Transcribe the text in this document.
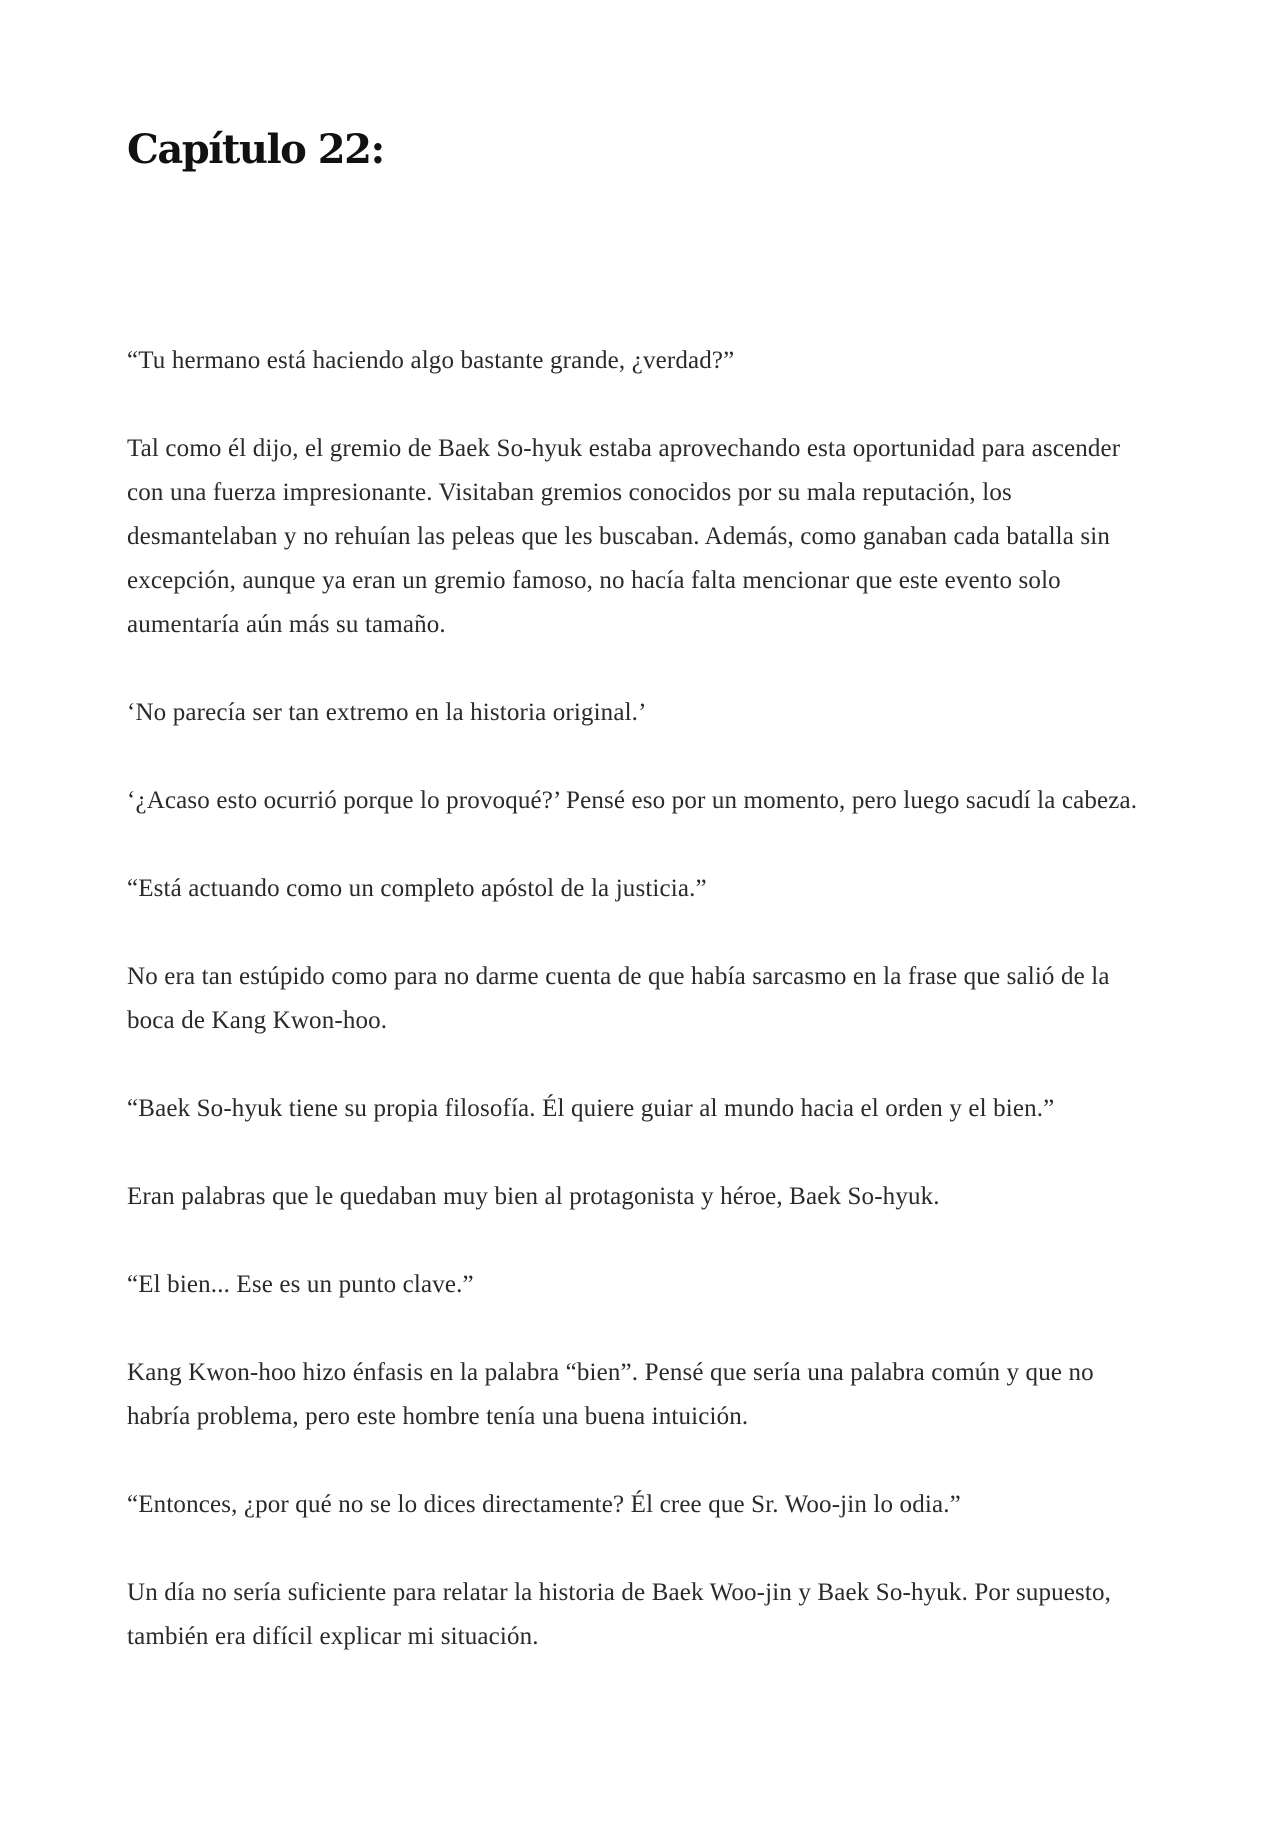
Capítulo 22:

“Tu hermano está haciendo algo bastante grande, ¿verdad?”

Tal como él dijo, el gremio de Baek So-hyuk estaba aprovechando esta oportunidad para ascender con una fuerza impresionante. Visitaban gremios conocidos por su mala reputación, los desmantelaban y no rehuían las peleas que les buscaban. Además, como ganaban cada batalla sin excepción, aunque ya eran un gremio famoso, no hacía falta mencionar que este evento solo aumentaría aún más su tamaño.

‘No parecía ser tan extremo en la historia original.’

‘¿Acaso esto ocurrió porque lo provoqué?’ Pensé eso por un momento, pero luego sacudí la cabeza.

“Está actuando como un completo apóstol de la justicia.”

No era tan estúpido como para no darme cuenta de que había sarcasmo en la frase que salió de la boca de Kang Kwon-hoo.

“Baek So-hyuk tiene su propia filosofía. Él quiere guiar al mundo hacia el orden y el bien.”

Eran palabras que le quedaban muy bien al protagonista y héroe, Baek So-hyuk.

“El bien... Ese es un punto clave.”

Kang Kwon-hoo hizo énfasis en la palabra “bien”. Pensé que sería una palabra común y que no habría problema, pero este hombre tenía una buena intuición.

“Entonces, ¿por qué no se lo dices directamente? Él cree que Sr. Woo-jin lo odia.”

Un día no sería suficiente para relatar la historia de Baek Woo-jin y Baek So-hyuk. Por supuesto, también era difícil explicar mi situación.
